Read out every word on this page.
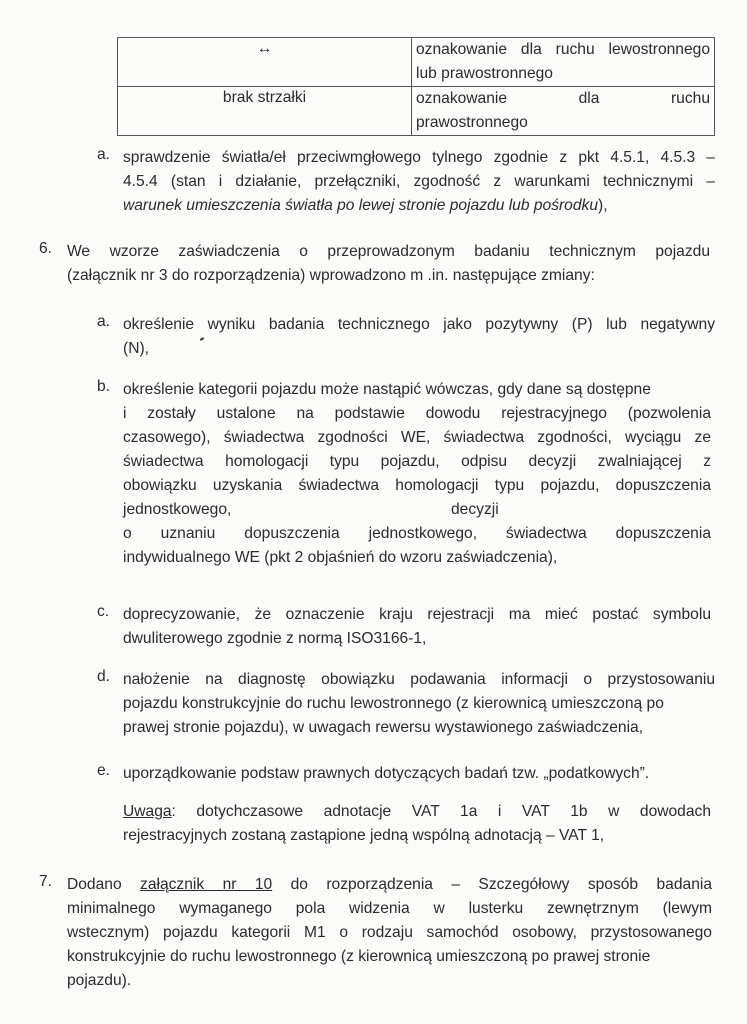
↔	oznakowanie dla ruchu lewostronnego
lub prawostronnego

brak strzałki	oznakowanie dla ruchu
prawostronnego
a. sprawdzenie światła/eł przeciwmgłowego tylnego zgodnie z pkt 4.5.1, 4.5.3 –
4.5.4 (stan i działanie, przełączniki, zgodność z warunkami technicznymi –
warunek umieszczenia światła po lewej stronie pojazdu lub pośrodku),
6. We wzorze zaświadczenia o przeprowadzonym badaniu technicznym pojazdu
(załącznik nr 3 do rozporządzenia) wprowadzono m .in. następujące zmiany:
a. określenie wyniku badania technicznego jako pozytywny (P) lub negatywny
(N),
b. określenie kategorii pojazdu może nastąpić wówczas, gdy dane są dostępne
i zostały ustalone na podstawie dowodu rejestracyjnego (pozwolenia
czasowego), świadectwa zgodności WE, świadectwa zgodności, wyciągu ze
świadectwa homologacji typu pojazdu, odpisu decyzji zwalniającej z
obowiązku uzyskania świadectwa homologacji typu pojazdu, dopuszczenia
jednostkowego,	decyzji
o uznaniu dopuszczenia jednostkowego, świadectwa dopuszczenia
indywidualnego WE (pkt 2 objaśnień do wzoru zaświadczenia),
c. doprecyzowanie, że oznaczenie kraju rejestracji ma mieć postać symbolu
dwuliterowego zgodnie z normą ISO3166-1,
d. nałożenie na diagnostę obowiązku podawania informacji o przystosowaniu
pojazdu konstrukcyjnie do ruchu lewostronnego (z kierownicą umieszczoną po
prawej stronie pojazdu), w uwagach rewersu wystawionego zaświadczenia,
e. uporządkowanie podstaw prawnych dotyczących badań tzw. „podatkowych”.
Uwaga: dotychczasowe adnotacje VAT 1a i VAT 1b w dowodach
rejestracyjnych zostaną zastąpione jedną wspólną adnotacją – VAT 1,
7. Dodano załącznik nr 10 do rozporządzenia – Szczegółowy sposób badania
minimalnego wymaganego pola widzenia w lusterku zewnętrznym (lewym
wstecznym) pojazdu kategorii M1 o rodzaju samochód osobowy, przystosowanego
konstrukcyjnie do ruchu lewostronnego (z kierownicą umieszczoną po prawej stronie
pojazdu).
